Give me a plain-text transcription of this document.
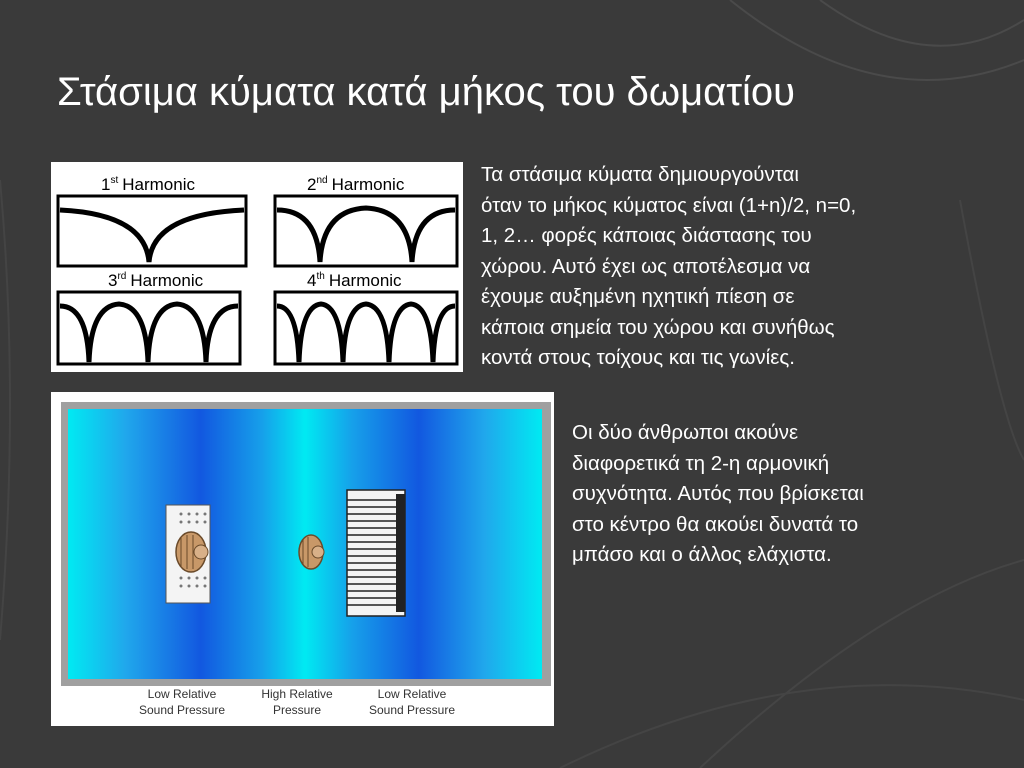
Στάσιμα κύματα κατά μήκος του δωματίου
1st Harmonic	2nd Harmonic
3rd Harmonic	4th Harmonic
Low Relative
Sound Pressure
High Relative
Pressure
Low Relative
Sound Pressure

Τα στάσιμα κύματα δημιουργούνται
όταν το μήκος κύματος είναι (1+n)/2, n=0,
1, 2… φορές κάποιας διάστασης του
χώρου. Αυτό έχει ως αποτέλεσμα να
έχουμε αυξημένη ηχητική πίεση σε
κάποια σημεία του χώρου και συνήθως
κοντά στους τοίχους και τις γωνίες.

Οι δύο άνθρωποι ακούνε
διαφορετικά τη 2-η αρμονική
συχνότητα. Αυτός που βρίσκεται
στο κέντρο θα ακούει δυνατά το
μπάσο και ο άλλος ελάχιστα.
